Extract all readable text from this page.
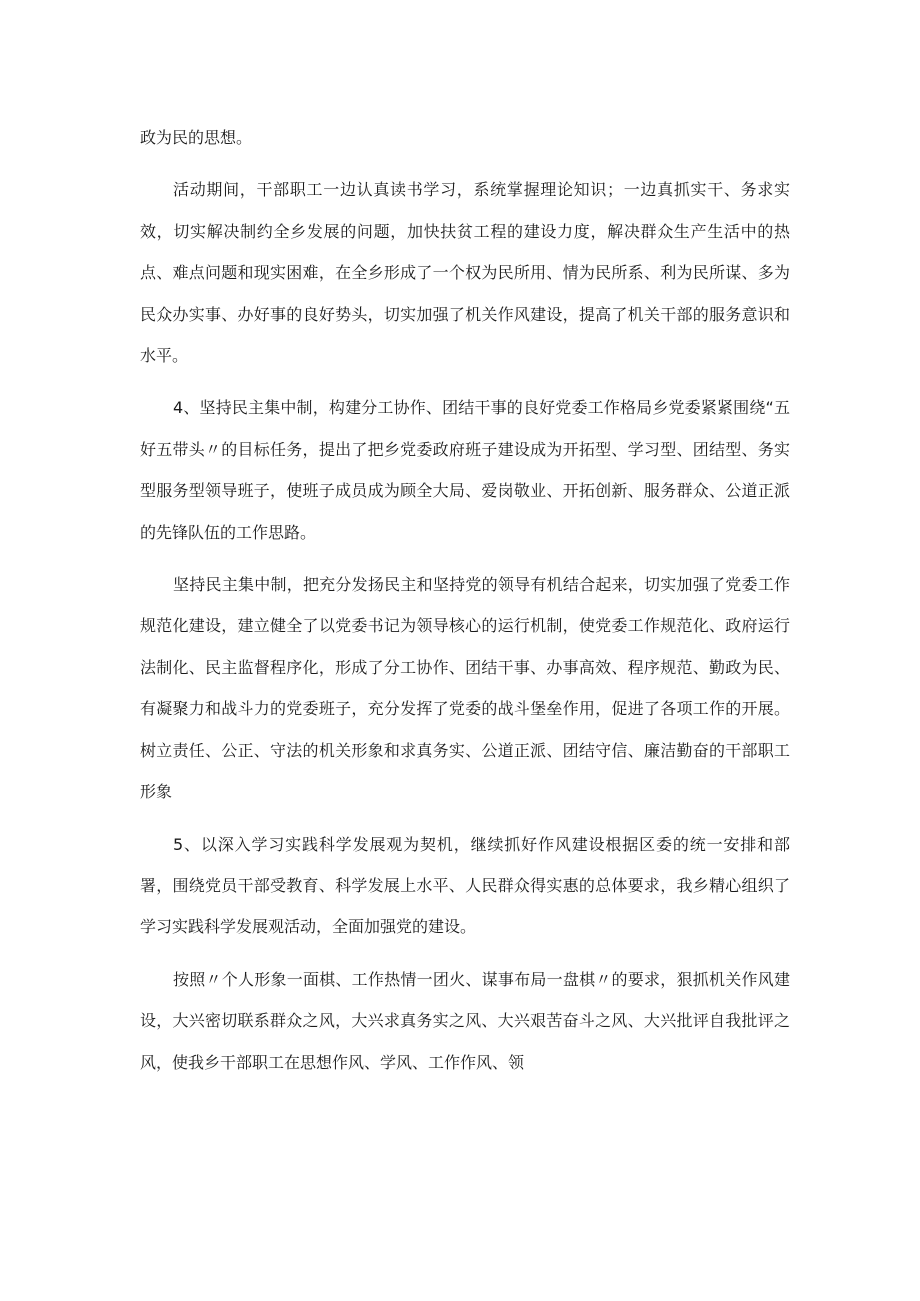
政为民的思想。

活动期间，干部职工一边认真读书学习，系统掌握理论知识；一边真抓实干、务求实效，切实解决制约全乡发展的问题，加快扶贫工程的建设力度，解决群众生产生活中的热点、难点问题和现实困难，在全乡形成了一个权为民所用、情为民所系、利为民所谋、多为民众办实事、办好事的良好势头，切实加强了机关作风建设，提高了机关干部的服务意识和水平。

4、坚持民主集中制，构建分工协作、团结干事的良好党委工作格局乡党委紧紧围绕“五好五带头〃的目标任务，提出了把乡党委政府班子建设成为开拓型、学习型、团结型、务实型服务型领导班子，使班子成员成为顾全大局、爱岗敬业、开拓创新、服务群众、公道正派的先锋队伍的工作思路。

坚持民主集中制，把充分发扬民主和坚持党的领导有机结合起来，切实加强了党委工作规范化建设，建立健全了以党委书记为领导核心的运行机制，使党委工作规范化、政府运行法制化、民主监督程序化，形成了分工协作、团结干事、办事高效、程序规范、勤政为民、有凝聚力和战斗力的党委班子，充分发挥了党委的战斗堡垒作用，促进了各项工作的开展。树立责任、公正、守法的机关形象和求真务实、公道正派、团结守信、廉洁勤奋的干部职工形象

5、以深入学习实践科学发展观为契机，继续抓好作风建设根据区委的统一安排和部署，围绕党员干部受教育、科学发展上水平、人民群众得实惠的总体要求，我乡精心组织了学习实践科学发展观活动，全面加强党的建设。

按照〃个人形象一面棋、工作热情一团火、谋事布局一盘棋〃的要求，狠抓机关作风建设，大兴密切联系群众之风，大兴求真务实之风、大兴艰苦奋斗之风、大兴批评自我批评之风，使我乡干部职工在思想作风、学风、工作作风、领
